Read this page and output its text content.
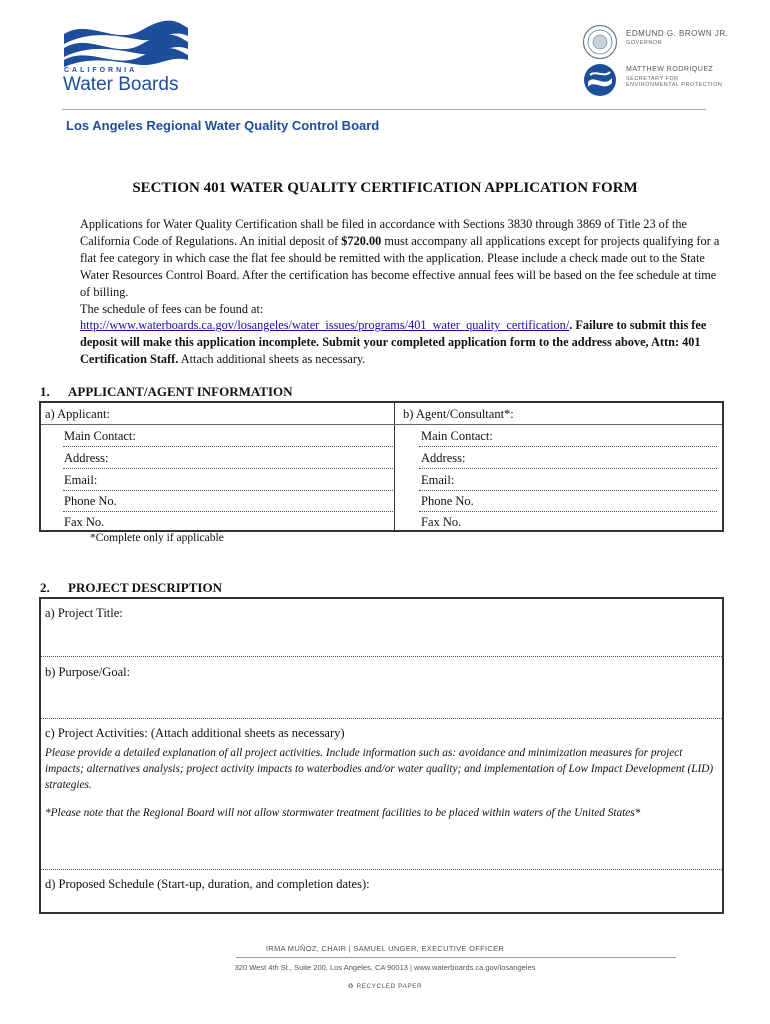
CALIFORNIA
Water Boards
EDMUND G. BROWN JR.
GOVERNOR
MATTHEW RODRIQUEZ
SECRETARY FOR
ENVIRONMENTAL PROTECTION
Los Angeles Regional Water Quality Control Board
SECTION 401 WATER QUALITY CERTIFICATION APPLICATION FORM
Applications for Water Quality Certification shall be filed in accordance with Sections 3830 through 3869 of Title 23 of the California Code of Regulations. An initial deposit of $720.00 must accompany all applications except for projects qualifying for a flat fee category in which case the flat fee should be remitted with the application. Please include a check made out to the State Water Resources Control Board. After the certification has become effective annual fees will be based on the fee schedule at time of billing.
The schedule of fees can be found at:
http://www.waterboards.ca.gov/losangeles/water_issues/programs/401_water_quality_certification/. Failure to submit this fee deposit will make this application incomplete. Submit your completed application form to the address above, Attn: 401 Certification Staff. Attach additional sheets as necessary.
1. APPLICANT/AGENT INFORMATION
a) Applicant:	b) Agent/Consultant*:
Main Contact:	Main Contact:
Address:	Address:
Email:	Email:
Phone No.	Phone No.
Fax No.	Fax No.
*Complete only if applicable
2. PROJECT DESCRIPTION
a) Project Title:
b) Purpose/Goal:
c) Project Activities: (Attach additional sheets as necessary)
Please provide a detailed explanation of all project activities. Include information such as: avoidance and minimization measures for project impacts; alternatives analysis; project activity impacts to waterbodies and/or water quality; and implementation of Low Impact Development (LID) strategies.
*Please note that the Regional Board will not allow stormwater treatment facilities to be placed within waters of the United States*
d) Proposed Schedule (Start-up, duration, and completion dates):
IRMA MUÑOZ, CHAIR | SAMUEL UNGER, EXECUTIVE OFFICER
320 West 4th St., Suite 200, Los Angeles, CA 90013 | www.waterboards.ca.gov/losangeles
♻ RECYCLED PAPER
